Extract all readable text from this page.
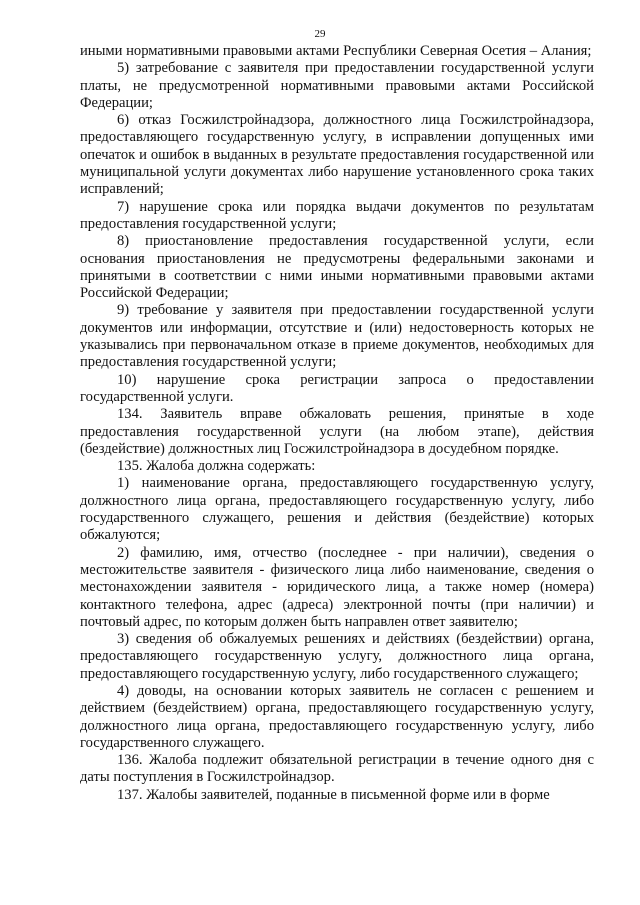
29

иными нормативными правовыми актами Республики Северная Осетия – Алания;

5) затребование с заявителя при предоставлении государственной услуги платы, не предусмотренной нормативными правовыми актами Российской Федерации;

6) отказ Госжилстройнадзора, должностного лица Госжилстройнадзора, предоставляющего государственную услугу, в исправлении допущенных ими опечаток и ошибок в выданных в результате предоставления государственной или муниципальной услуги документах либо нарушение установленного срока таких исправлений;

7) нарушение срока или порядка выдачи документов по результатам предоставления государственной услуги;

8) приостановление предоставления государственной услуги, если основания приостановления не предусмотрены федеральными законами и принятыми в соответствии с ними иными нормативными правовыми актами Российской Федерации;

9) требование у заявителя при предоставлении государственной услуги документов или информации, отсутствие и (или) недостоверность которых не указывались при первоначальном отказе в приеме документов, необходимых для предоставления государственной услуги;

10) нарушение срока регистрации запроса о предоставлении государственной услуги.

134. Заявитель вправе обжаловать решения, принятые в ходе предоставления государственной услуги (на любом этапе), действия (бездействие) должностных лиц Госжилстройнадзора в досудебном порядке.

135. Жалоба должна содержать:

1) наименование органа, предоставляющего государственную услугу, должностного лица органа, предоставляющего государственную услугу, либо государственного служащего, решения и действия (бездействие) которых обжалуются;

2) фамилию, имя, отчество (последнее - при наличии), сведения о местожительстве заявителя - физического лица либо наименование, сведения о местонахождении заявителя - юридического лица, а также номер (номера) контактного телефона, адрес (адреса) электронной почты (при наличии) и почтовый адрес, по которым должен быть направлен ответ заявителю;

3) сведения об обжалуемых решениях и действиях (бездействии) органа, предоставляющего государственную услугу, должностного лица органа, предоставляющего государственную услугу, либо государственного служащего;

4) доводы, на основании которых заявитель не согласен с решением и действием (бездействием) органа, предоставляющего государственную услугу, должностного лица органа, предоставляющего государственную услугу, либо государственного служащего.

136. Жалоба подлежит обязательной регистрации в течение одного дня с даты поступления в Госжилстройнадзор.

137. Жалобы заявителей, поданные в письменной форме или в форме
